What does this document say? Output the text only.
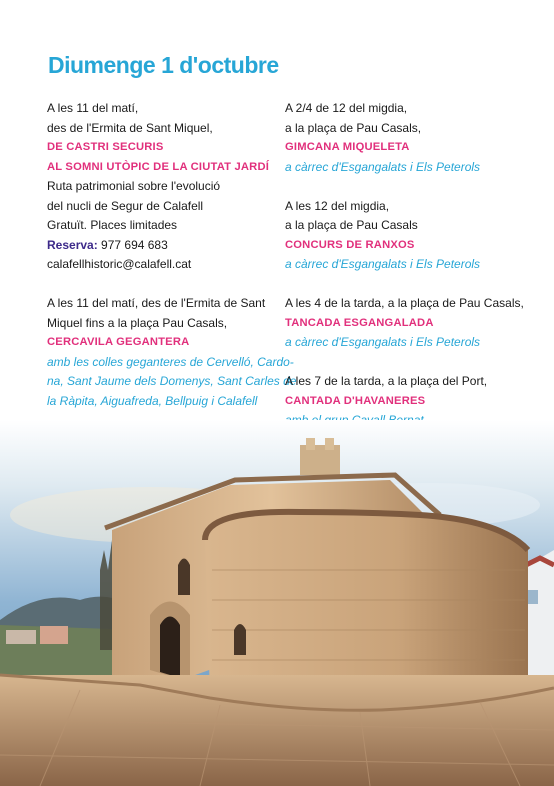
Diumenge 1 d'octubre
A les 11 del matí,
des de l'Ermita de Sant Miquel,
DE CASTRI SECURIS
AL SOMNI UTÒPIC DE LA CIUTAT JARDÍ
Ruta patrimonial sobre l'evolució
del nucli de Segur de Calafell
Gratuït. Places limitades
Reserva: 977 694 683
calafellhistoric@calafell.cat
A les 11 del matí, des de l'Ermita de Sant
Miquel fins a la plaça Pau Casals,
CERCAVILA GEGANTERA
amb les colles geganteres de Cervelló, Cardo-
na, Sant Jaume dels Domenys, Sant Carles de
la Ràpita, Aiguafreda, Bellpuig i Calafell
A 2/4 de 12 del migdia,
a la plaça de Pau Casals,
GIMCANA MIQUELETA
a càrrec d'Esgangalats i Els Peterols
A les 12 del migdia,
a la plaça de Pau Casals
CONCURS DE RANXOS
a càrrec d'Esgangalats i Els Peterols
A les 4 de la tarda, a la plaça de Pau Casals,
TANCADA ESGANGALADA
a càrrec d'Esgangalats i Els Peterols
A les 7 de la tarda, a la plaça del Port,
CANTADA D'HAVANERES
